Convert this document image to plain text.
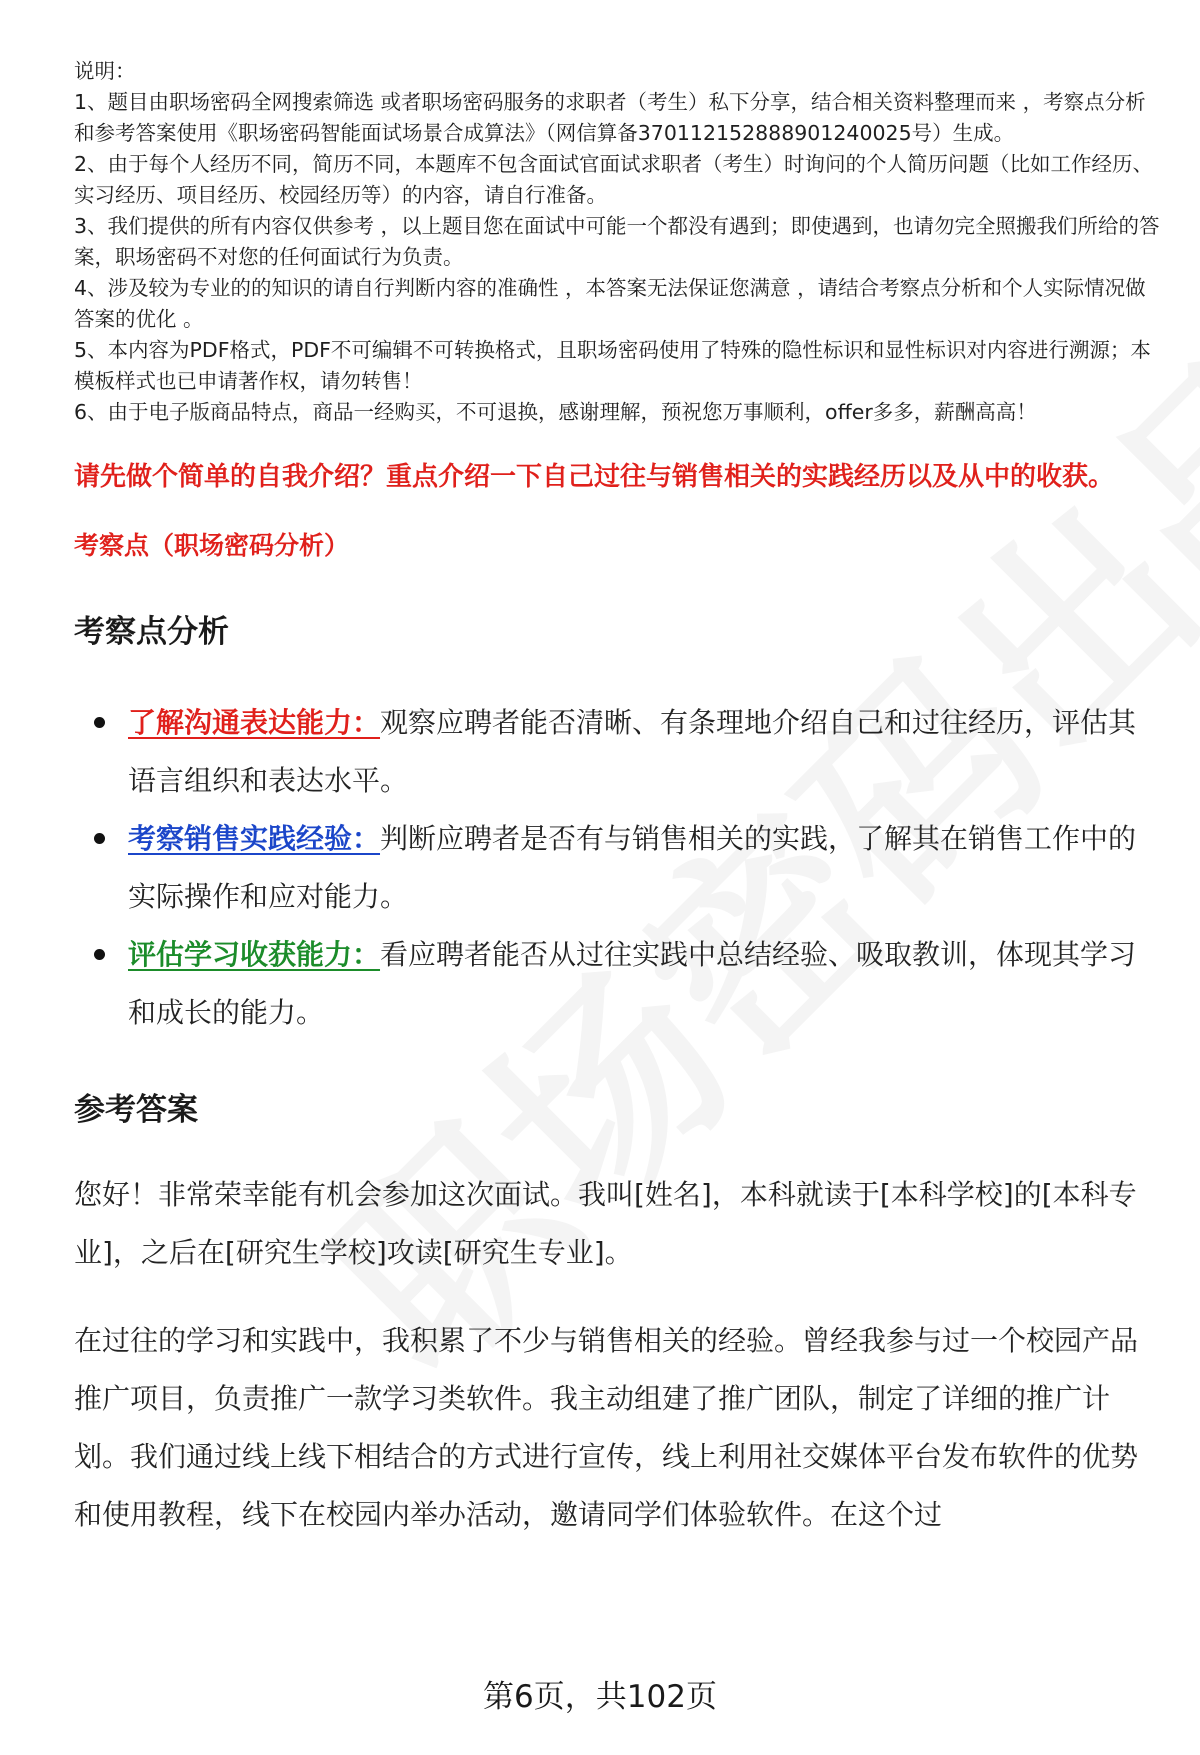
说明：

1、题目由职场密码全网搜索筛选 或者职场密码服务的求职者（考生）私下分享，结合相关资料整理而来 ，考察点分析和参考答案使用《职场密码智能面试场景合成算法》（网信算备370112152888901240025号）生成。

2、由于每个人经历不同，简历不同，本题库不包含面试官面试求职者（考生）时询问的个人简历问题（比如工作经历、实习经历、项目经历、校园经历等）的内容，请自行准备。

3、我们提供的所有内容仅供参考 ，以上题目您在面试中可能一个都没有遇到；即使遇到，也请勿完全照搬我们所给的答案，职场密码不对您的任何面试行为负责。

4、涉及较为专业的的知识的请自行判断内容的准确性 ，本答案无法保证您满意 ，请结合考察点分析和个人实际情况做答案的优化 。

5、本内容为PDF格式，PDF不可编辑不可转换格式，且职场密码使用了特殊的隐性标识和显性标识对内容进行溯源；本模板样式也已申请著作权，请勿转售！

6、由于电子版商品特点，商品一经购买，不可退换，感谢理解，预祝您万事顺利，offer多多，薪酬高高！

请先做个简单的自我介绍？重点介绍一下自己过往与销售相关的实践经历以及从中的收获。
考察点（职场密码分析）
考察点分析
了解沟通表达能力：观察应聘者能否清晰、有条理地介绍自己和过往经历，评估其语言组织和表达水平。
考察销售实践经验：判断应聘者是否有与销售相关的实践，了解其在销售工作中的实际操作和应对能力。
评估学习收获能力：看应聘者能否从过往实践中总结经验、吸取教训，体现其学习和成长的能力。
参考答案

您好！非常荣幸能有机会参加这次面试。我叫[姓名]，本科就读于[本科学校]的[本科专业]，之后在[研究生学校]攻读[研究生专业]。

在过往的学习和实践中，我积累了不少与销售相关的经验。曾经我参与过一个校园产品推广项目，负责推广一款学习类软件。我主动组建了推广团队，制定了详细的推广计划。我们通过线上线下相结合的方式进行宣传，线上利用社交媒体平台发布软件的优势和使用教程，线下在校园内举办活动，邀请同学们体验软件。在这个过

第6页，共102页
